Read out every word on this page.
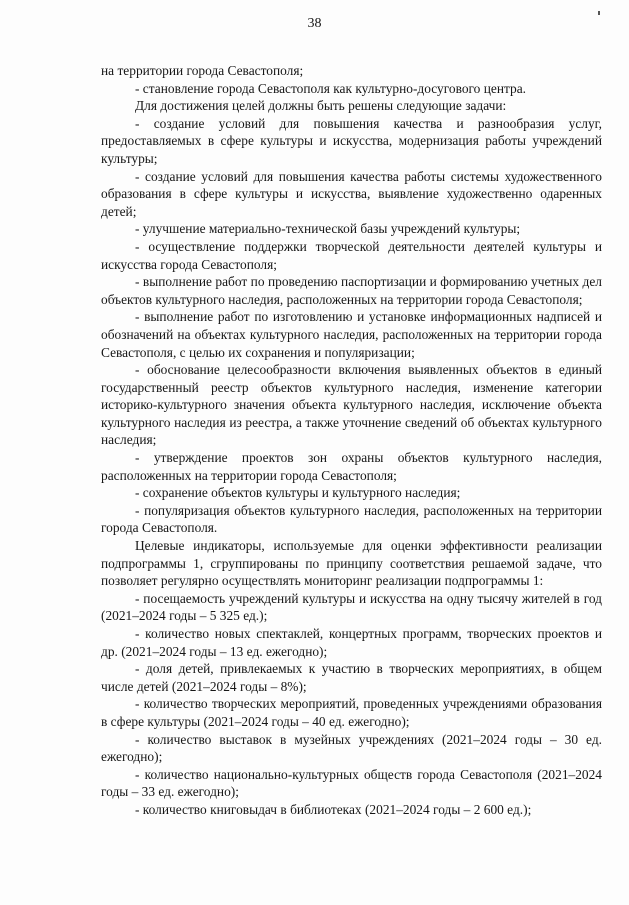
38

на территории города Севастополя;

- становление города Севастополя как культурно-досугового центра.

Для достижения целей должны быть решены следующие задачи:

- создание условий для повышения качества и разнообразия услуг, предоставляемых в сфере культуры и искусства, модернизация работы учреждений культуры;

- создание условий для повышения качества работы системы художественного образования в сфере культуры и искусства, выявление художественно одаренных детей;

- улучшение материально-технической базы учреждений культуры;

- осуществление поддержки творческой деятельности деятелей культуры и искусства города Севастополя;

- выполнение работ по проведению паспортизации и формированию учетных дел объектов культурного наследия, расположенных на территории города Севастополя;

- выполнение работ по изготовлению и установке информационных надписей и обозначений на объектах культурного наследия, расположенных на территории города Севастополя, с целью их сохранения и популяризации;

- обоснование целесообразности включения выявленных объектов в единый государственный реестр объектов культурного наследия, изменение категории историко-культурного значения объекта культурного наследия, исключение объекта культурного наследия из реестра, а также уточнение сведений об объектах культурного наследия;

- утверждение проектов зон охраны объектов культурного наследия, расположенных на территории города Севастополя;

- сохранение объектов культуры и культурного наследия;

- популяризация объектов культурного наследия, расположенных на территории города Севастополя.

Целевые индикаторы, используемые для оценки эффективности реализации подпрограммы 1, сгруппированы по принципу соответствия решаемой задаче, что позволяет регулярно осуществлять мониторинг реализации подпрограммы 1:

- посещаемость учреждений культуры и искусства на одну тысячу жителей в год (2021–2024 годы – 5 325 ед.);

- количество новых спектаклей, концертных программ, творческих проектов и др. (2021–2024 годы – 13 ед. ежегодно);

- доля детей, привлекаемых к участию в творческих мероприятиях, в общем числе детей (2021–2024 годы – 8%);

- количество творческих мероприятий, проведенных учреждениями образования в сфере культуры (2021–2024 годы – 40 ед. ежегодно);

- количество выставок в музейных учреждениях (2021–2024 годы – 30 ед. ежегодно);

- количество национально-культурных обществ города Севастополя (2021–2024 годы – 33 ед. ежегодно);

- количество книговыдач в библиотеках (2021–2024 годы – 2 600 ед.);
